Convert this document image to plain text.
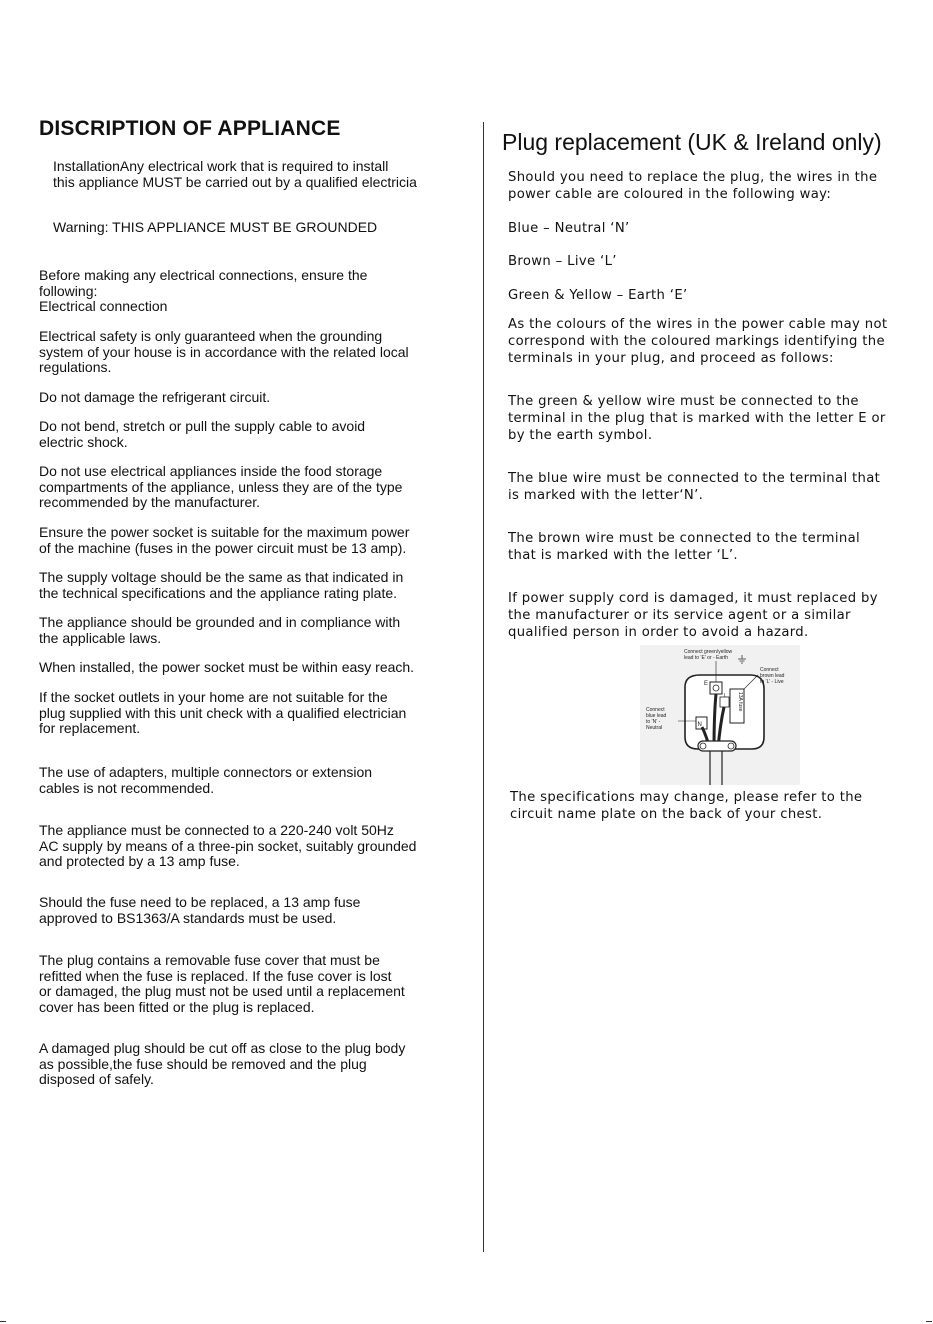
DISCRIPTION OF APPLIANCE
InstallationAny electrical work that is required to install
this appliance MUST be carried out by a qualified electricia
Warning: THIS APPLIANCE MUST BE GROUNDED
Before making any electrical connections, ensure the
following:
Electrical connection
Electrical safety is only guaranteed when the grounding
system of your house is in accordance with the related local
regulations.
Do not damage the refrigerant circuit.
Do not bend, stretch or pull the supply cable to avoid
electric shock.
Do not use electrical appliances inside the food storage
compartments of the appliance, unless they are of the type
recommended by the manufacturer.
Ensure the power socket is suitable for the maximum power
of the machine (fuses in the power circuit must be 13 amp).
The supply voltage should be the same as that indicated in
the technical specifications and the appliance rating plate.
The appliance should be grounded and in compliance with
the applicable laws.
When installed, the power socket must be within easy reach.
If the socket outlets in your home are not suitable for the
plug supplied with this unit check with a qualified electrician
for replacement.
The use of adapters, multiple connectors or extension
cables is not recommended.
The appliance must be connected to a 220-240 volt 50Hz
AC supply by means of a three-pin socket, suitably grounded
and protected by a 13 amp fuse.
Should the fuse need to be replaced, a 13 amp fuse
approved to BS1363/A standards must be used.
The plug contains a removable fuse cover that must be
refitted when the fuse is replaced. If the fuse cover is lost
or damaged, the plug must not be used until a replacement
cover has been fitted or the plug is replaced.
A damaged plug should be cut off as close to the plug body
as possible,the fuse should be removed and the plug
disposed of safely.
Plug replacement (UK & Ireland only)
Should you need to replace the plug, the wires in the
power cable are coloured in the following way:
Blue – Neutral ‘N’
Brown – Live ‘L’
Green & Yellow – Earth ‘E’
As the colours of the wires in the power cable may not
correspond with the coloured markings identifying the
terminals in your plug, and proceed as follows:
The green & yellow wire must be connected to the
terminal in the plug that is marked with the letter E or
by the earth symbol.
The blue wire must be connected to the terminal that
is marked with the letter‘N’.
The brown wire must be connected to the terminal
that is marked with the letter ‘L’.
If power supply cord is damaged, it must replaced by
the manufacturer or its service agent or a similar
qualified person in order to avoid a hazard.
The specifications may change, please refer to the
circuit name plate on the back of your chest.
E
L
N
13A fuse
Connect green/yellow
lead to ‘E’ or - Earth
Connect
brown lead
to ‘L’ - Live
Connect
blue lead
to ‘N’ -
Neutral
